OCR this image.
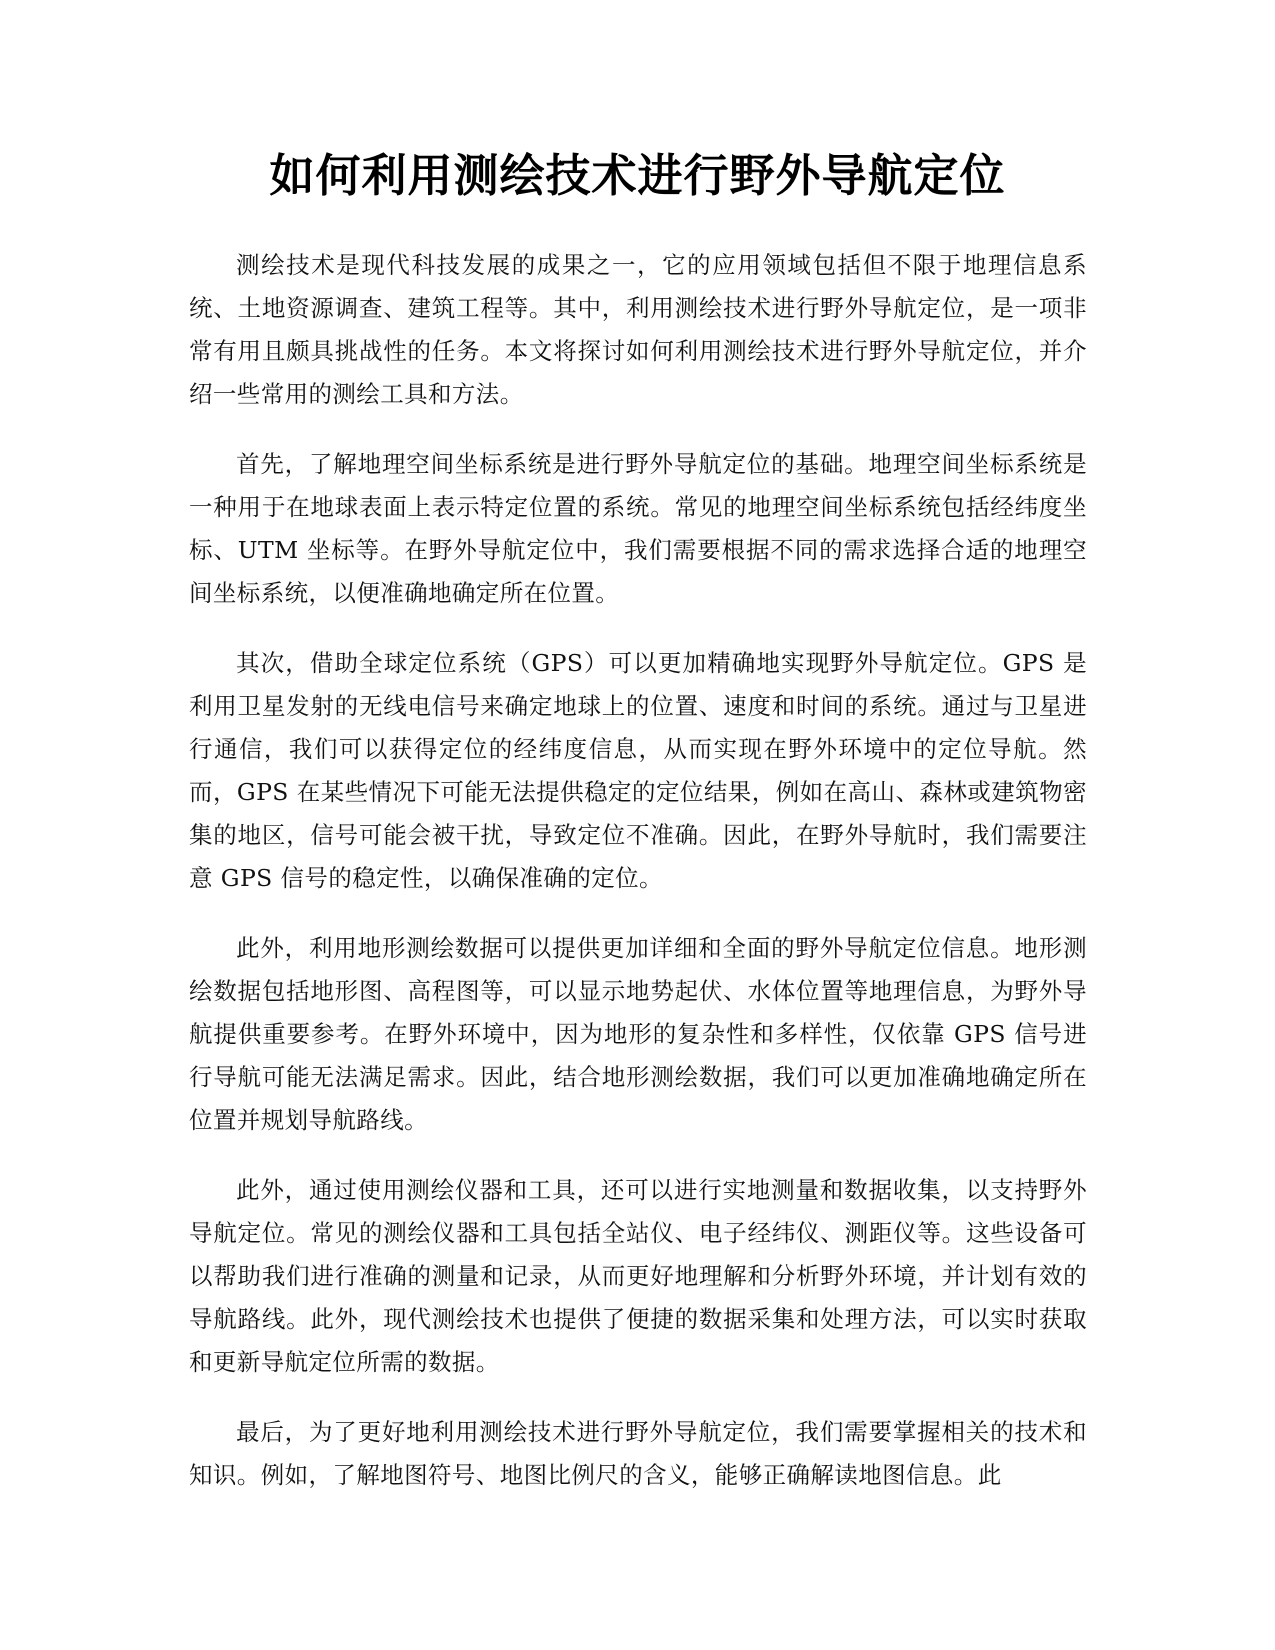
如何利用测绘技术进行野外导航定位

测绘技术是现代科技发展的成果之一，它的应用领域包括但不限于地理信息系统、土地资源调查、建筑工程等。其中，利用测绘技术进行野外导航定位，是一项非常有用且颇具挑战性的任务。本文将探讨如何利用测绘技术进行野外导航定位，并介绍一些常用的测绘工具和方法。

首先，了解地理空间坐标系统是进行野外导航定位的基础。地理空间坐标系统是一种用于在地球表面上表示特定位置的系统。常见的地理空间坐标系统包括经纬度坐标、UTM 坐标等。在野外导航定位中，我们需要根据不同的需求选择合适的地理空间坐标系统，以便准确地确定所在位置。

其次，借助全球定位系统（GPS）可以更加精确地实现野外导航定位。GPS 是利用卫星发射的无线电信号来确定地球上的位置、速度和时间的系统。通过与卫星进行通信，我们可以获得定位的经纬度信息，从而实现在野外环境中的定位导航。然而，GPS 在某些情况下可能无法提供稳定的定位结果，例如在高山、森林或建筑物密集的地区，信号可能会被干扰，导致定位不准确。因此，在野外导航时，我们需要注意 GPS 信号的稳定性，以确保准确的定位。

此外，利用地形测绘数据可以提供更加详细和全面的野外导航定位信息。地形测绘数据包括地形图、高程图等，可以显示地势起伏、水体位置等地理信息，为野外导航提供重要参考。在野外环境中，因为地形的复杂性和多样性，仅依靠 GPS 信号进行导航可能无法满足需求。因此，结合地形测绘数据，我们可以更加准确地确定所在位置并规划导航路线。

此外，通过使用测绘仪器和工具，还可以进行实地测量和数据收集，以支持野外导航定位。常见的测绘仪器和工具包括全站仪、电子经纬仪、测距仪等。这些设备可以帮助我们进行准确的测量和记录，从而更好地理解和分析野外环境，并计划有效的导航路线。此外，现代测绘技术也提供了便捷的数据采集和处理方法，可以实时获取和更新导航定位所需的数据。

最后，为了更好地利用测绘技术进行野外导航定位，我们需要掌握相关的技术和知识。例如，了解地图符号、地图比例尺的含义，能够正确解读地图信息。此
